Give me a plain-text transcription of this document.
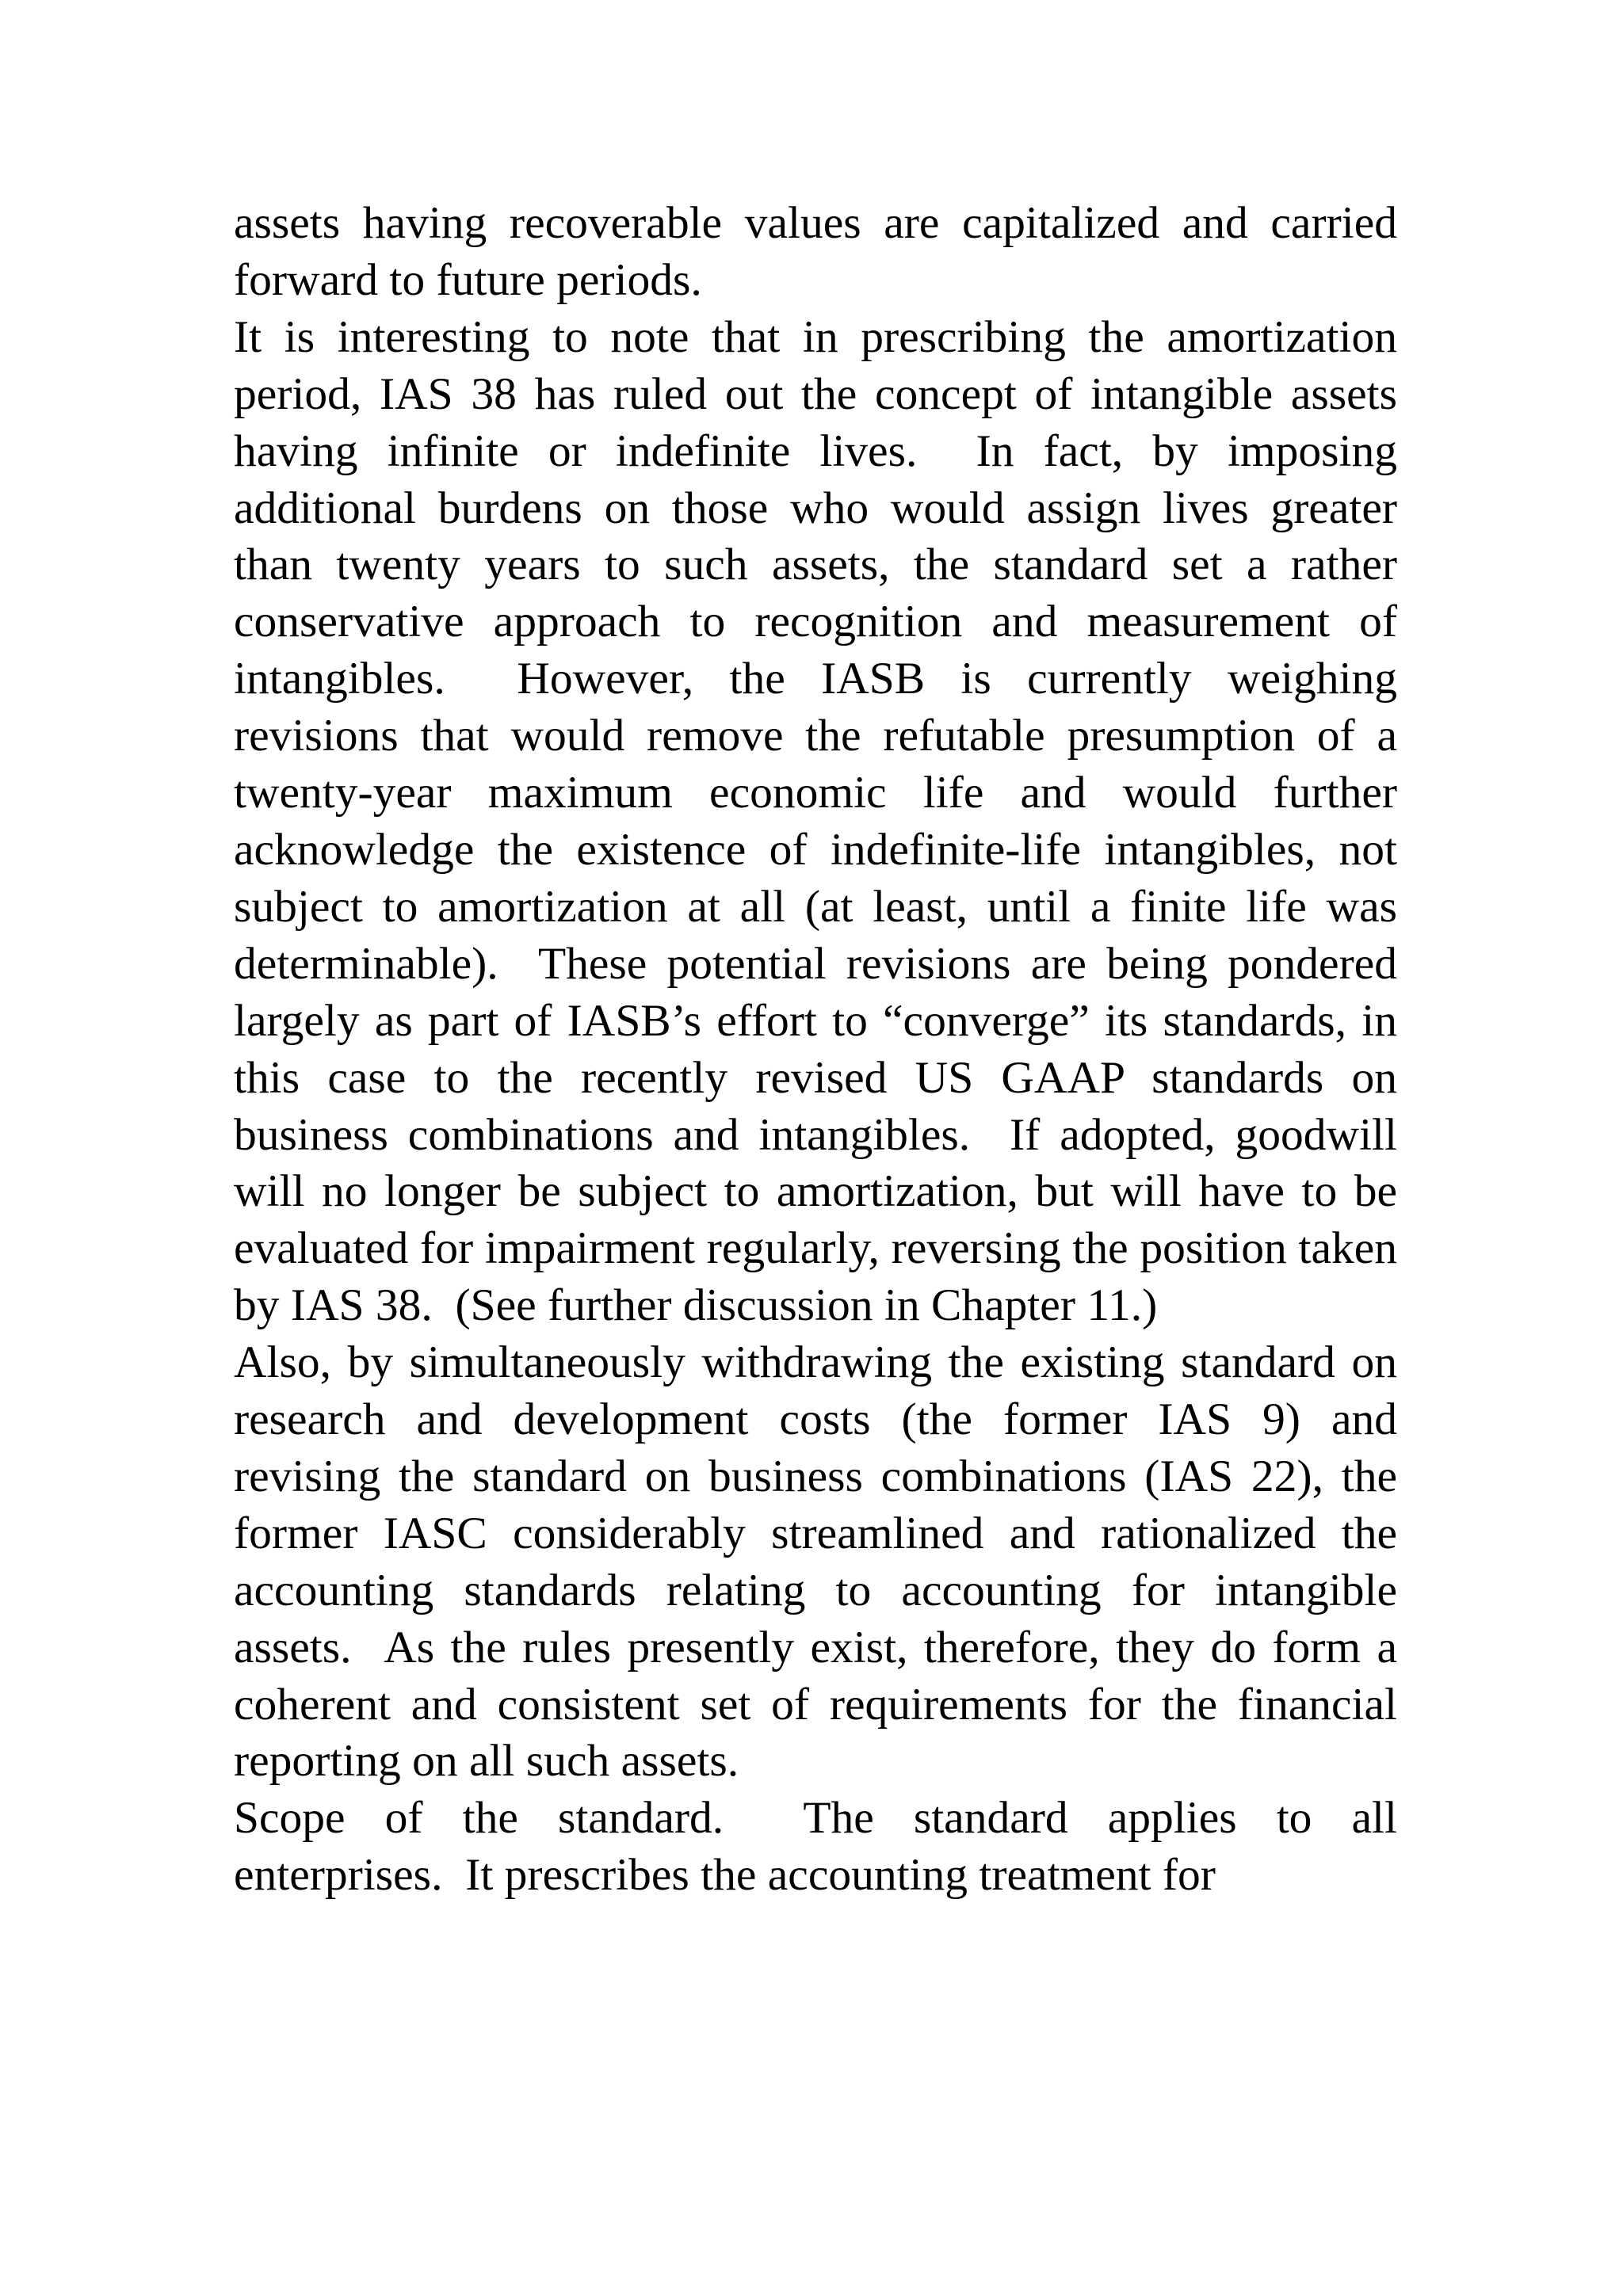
assets having recoverable values are capitalized and carried forward to future periods.

It is interesting to note that in prescribing the amortization period, IAS 38 has ruled out the concept of intangible assets having infinite or indefinite lives.  In fact, by imposing additional burdens on those who would assign lives greater than twenty years to such assets, the standard set a rather conservative approach to recognition and measurement of intangibles.  However, the IASB is currently weighing revisions that would remove the refutable presumption of a twenty-year maximum economic life and would further acknowledge the existence of indefinite-life intangibles, not subject to amortization at all (at least, until a finite life was determinable).  These potential revisions are being pondered largely as part of IASB’s effort to “converge” its standards, in this case to the recently revised US GAAP standards on business combinations and intangibles.  If adopted, goodwill will no longer be subject to amortization, but will have to be evaluated for impairment regularly, reversing the position taken by IAS 38.  (See further discussion in Chapter 11.)

Also, by simultaneously withdrawing the existing standard on research and development costs (the former IAS 9) and revising the standard on business combinations (IAS 22), the former IASC considerably streamlined and rationalized the accounting standards relating to accounting for intangible assets.  As the rules presently exist, therefore, they do form a coherent and consistent set of requirements for the financial reporting on all such assets.

Scope of the standard.  The standard applies to all enterprises.  It prescribes the accounting treatment for
